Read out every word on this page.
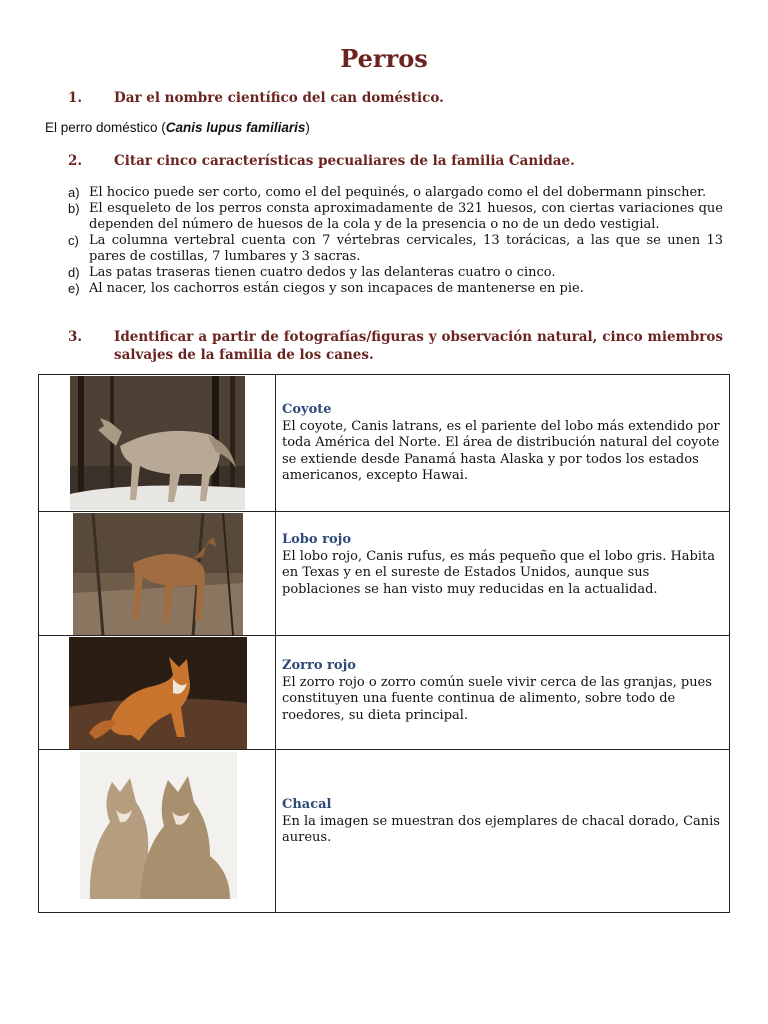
Perros
1. Dar el nombre científico del can doméstico.
El perro doméstico (Canis lupus familiaris)
2. Citar cinco características pecualiares de la familia Canidae.

a) El hocico puede ser corto, como el del pequinés, o alargado como el del dobermann pinscher.

b) El esqueleto de los perros consta aproximadamente de 321 huesos, con ciertas variaciones que dependen del número de huesos de la cola y de la presencia o no de un dedo vestigial.

c) La columna vertebral cuenta con 7 vértebras cervicales, 13 torácicas, a las que se unen 13 pares de costillas, 7 lumbares y 3 sacras.

d) Las patas traseras tienen cuatro dedos y las delanteras cuatro o cinco.

e) Al nacer, los cachorros están ciegos y son incapaces de mantenerse en pie.

3. Identificar a partir de fotografías/figuras y observación natural, cinco miembros salvajes de la familia de los canes.
Coyote
El coyote, Canis latrans, es el pariente del lobo más extendido por toda América del Norte. El área de distribución natural del coyote se extiende desde Panamá hasta Alaska y por todos los estados americanos, excepto Hawai.
Lobo rojo
El lobo rojo, Canis rufus, es más pequeño que el lobo gris. Habita en Texas y en el sureste de Estados Unidos, aunque sus poblaciones se han visto muy reducidas en la actualidad.
Zorro rojo
El zorro rojo o zorro común suele vivir cerca de las granjas, pues constituyen una fuente continua de alimento, sobre todo de roedores, su dieta principal.
Chacal
En la imagen se muestran dos ejemplares de chacal dorado, Canis aureus.
